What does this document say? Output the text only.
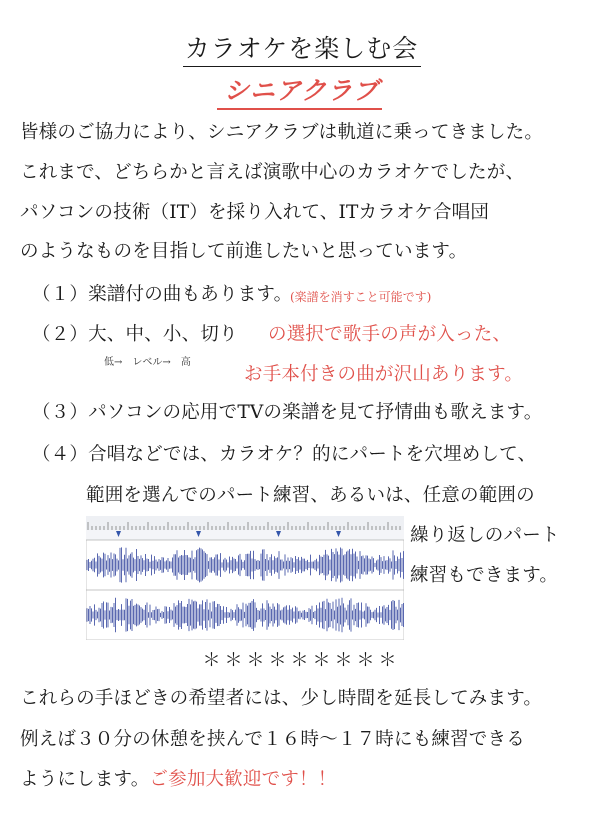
カラオケを楽しむ会
シニアクラブ
皆様のご協力により、シニアクラブは軌道に乗ってきました。
これまで、どちらかと言えば演歌中心のカラオケでしたが、
パソコンの技術（IT）を採り入れて、ITカラオケ合唱団
のようなものを目指して前進したいと思っています。
（１）楽譜付の曲もあります。
(楽譜を消すこと可能です)
（２）大、中、小、切り の選択で歌手の声が入った、
低→　レベル→　高
お手本付きの曲が沢山あります。
（３）パソコンの応用でTVの楽譜を見て抒情曲も歌えます。
（４）合唱などでは、カラオケ？的にパートを穴埋めして、
範囲を選んでのパート練習、あるいは、任意の範囲の
繰り返しのパート
練習もできます。
＊＊＊＊＊＊＊＊＊
これらの手ほどきの希望者には、少し時間を延長してみます。
例えば３０分の休憩を挟んで１６時～１７時にも練習できる
ようにします。ご参加大歓迎です！！
